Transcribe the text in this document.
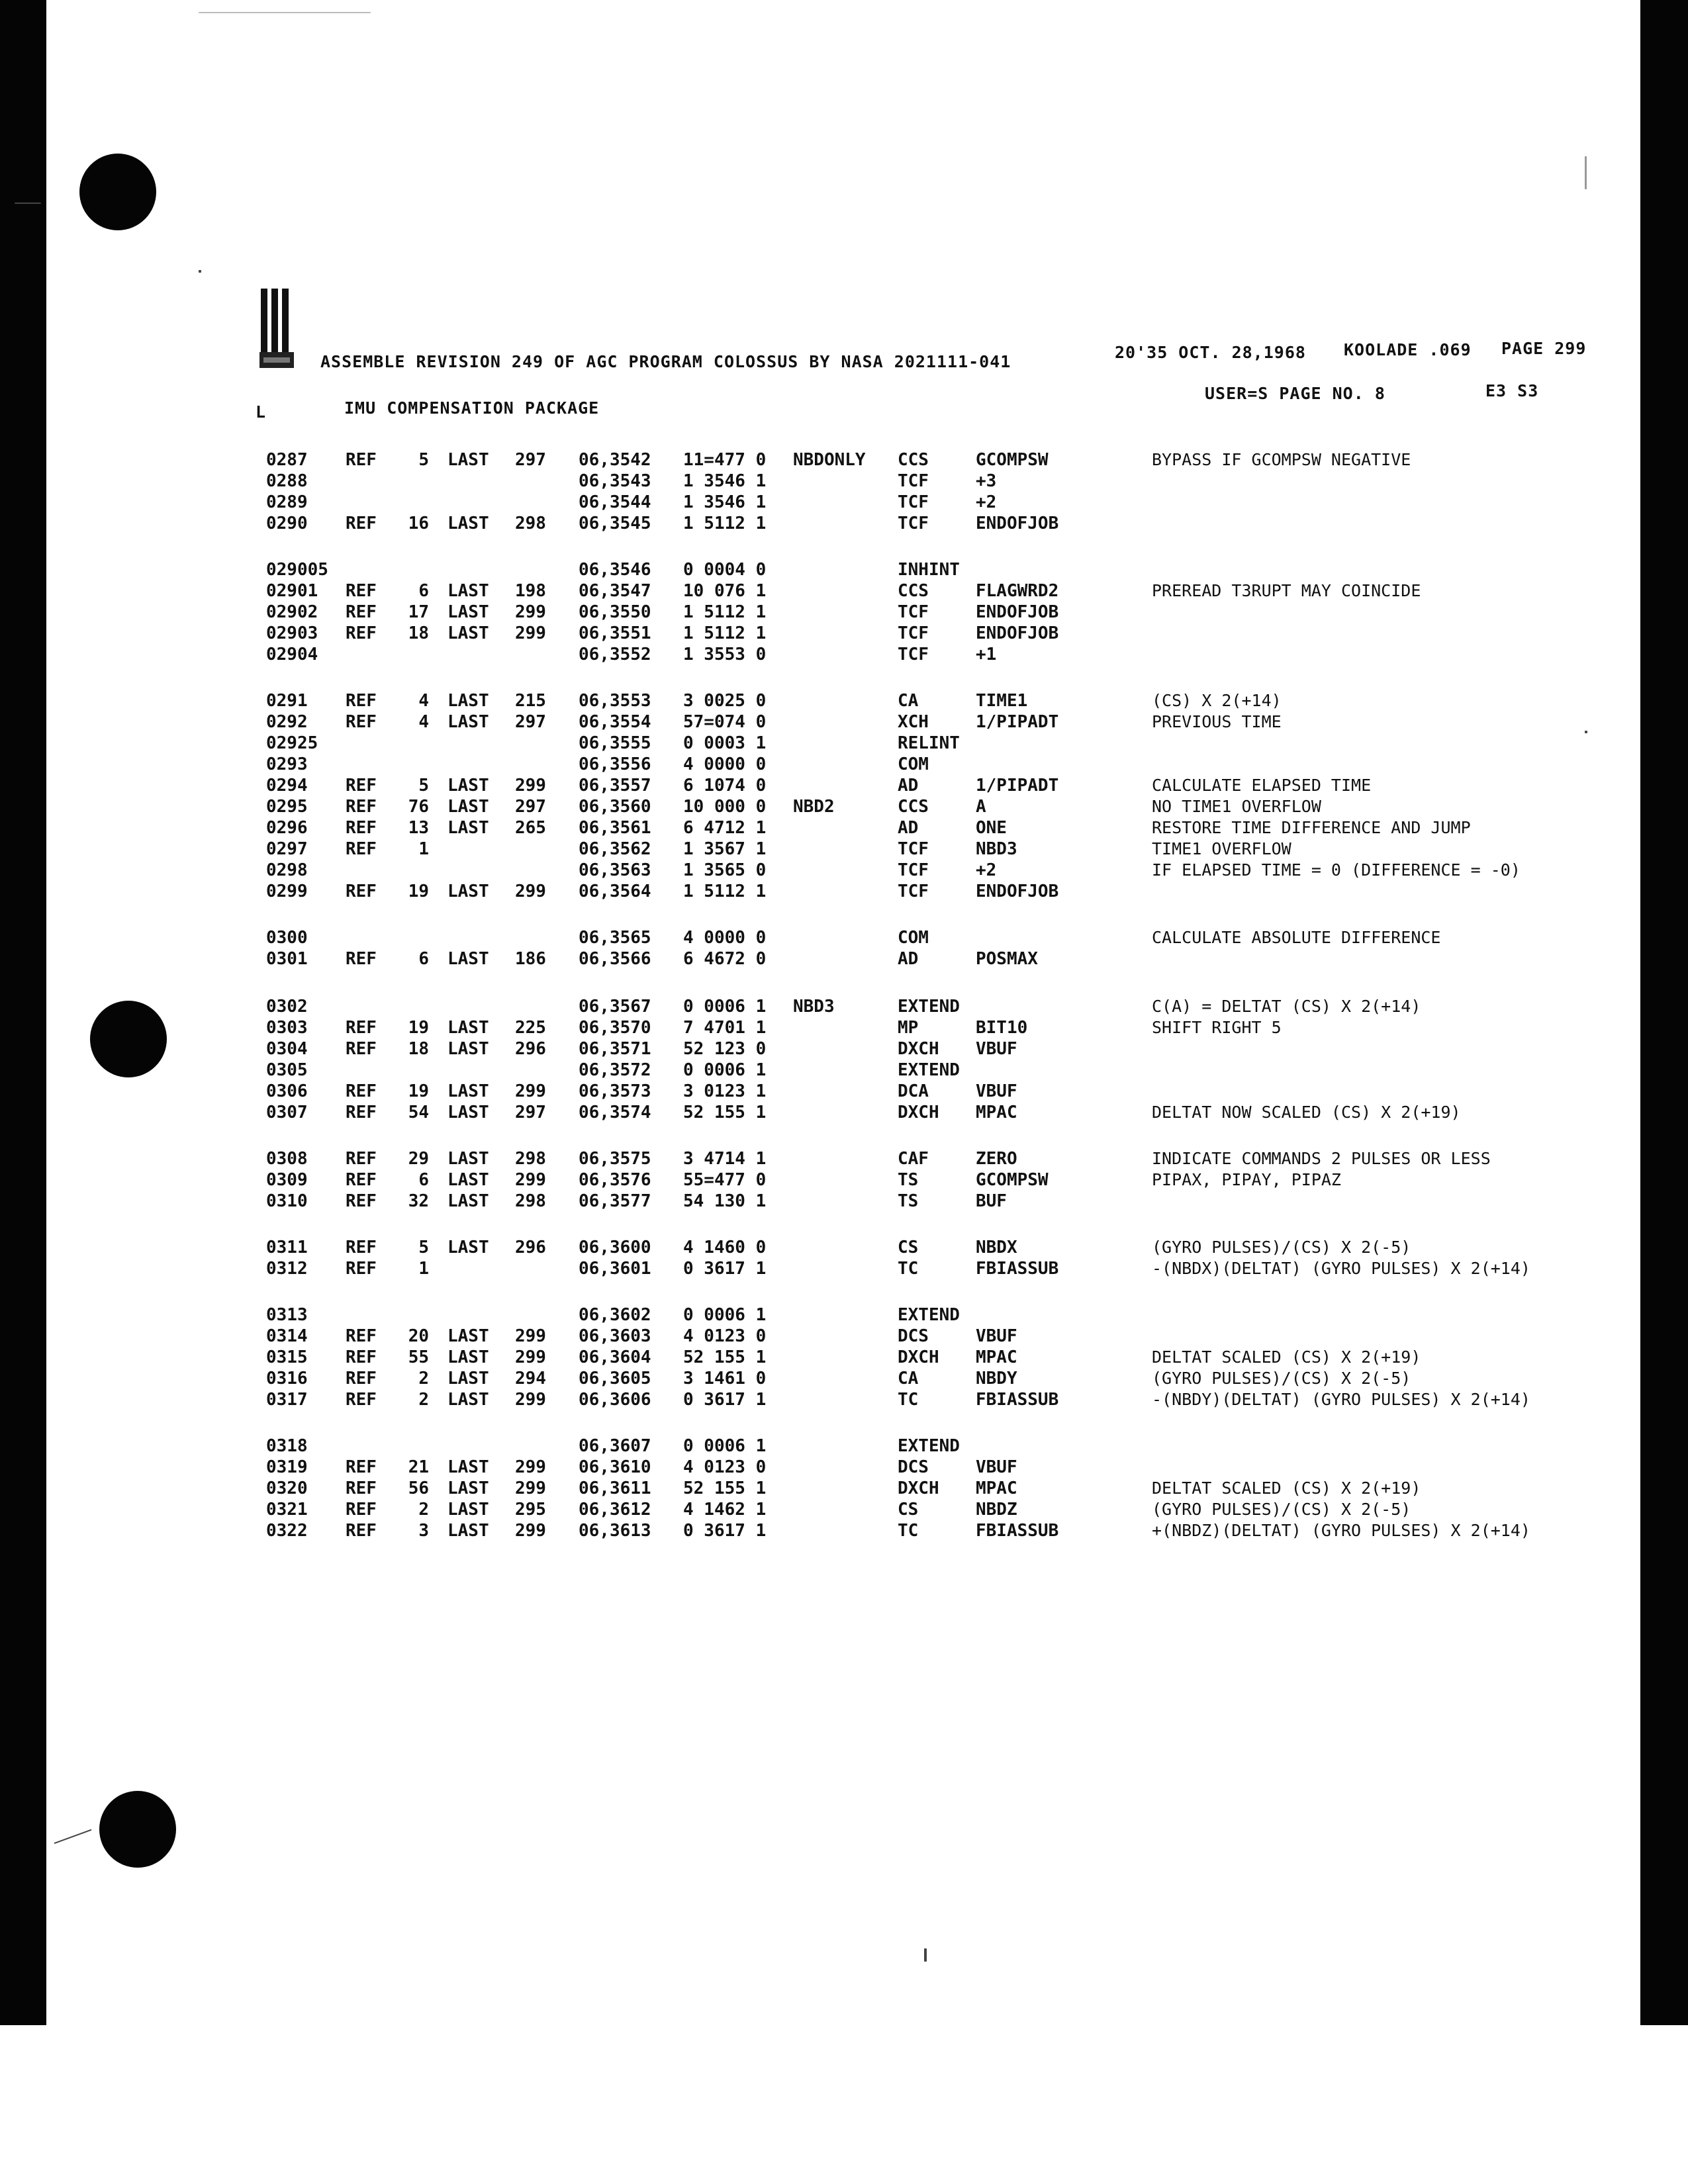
ASSEMBLE REVISION 249 OF AGC PROGRAM COLOSSUS BY NASA 2021111-041	20'35 OCT. 28,1968 KOOLADE .069 PAGE 299
USER=S PAGE NO. 8	E3 S3
L	IMU COMPENSATION PACKAGE
0287 REF	5 LAST 297 06,3542 11=477 0 NBDONLY CCS	GCOMPSW	BYPASS IF GCOMPSW NEGATIVE
0288	06,3543 1 3546 1	TCF	+3
0289	06,3544 1 3546 1	TCF	+2
0290 REF	16 LAST 298 06,3545 1 5112 1	TCF	ENDOFJOB
029005	06,3546 0 0004 0	INHINT
02901 REF	6 LAST 198 06,3547 10 076 1	CCS	FLAGWRD2	PREREAD T3RUPT MAY COINCIDE
02902 REF	17 LAST 299 06,3550 1 5112 1	TCF	ENDOFJOB
02903 REF	18 LAST 299 06,3551 1 5112 1	TCF	ENDOFJOB
02904	06,3552 1 3553 0	TCF	+1
0291 REF	4 LAST 215 06,3553 3 0025 0	CA	TIME1	(CS) X 2(+14)
0292 REF	4 LAST 297 06,3554 57=074 0	XCH	1/PIPADT	PREVIOUS TIME
02925	06,3555 0 0003 1	RELINT
0293	06,3556 4 0000 0	COM
0294 REF	5 LAST 299 06,3557 6 1074 0	AD	1/PIPADT	CALCULATE ELAPSED TIME
0295 REF	76 LAST 297 06,3560 10 000 0 NBD2	CCS	A	NO TIME1 OVERFLOW
0296 REF	13 LAST 265 06,3561 6 4712 1	AD	ONE	RESTORE TIME DIFFERENCE AND JUMP
0297 REF	1	06,3562 1 3567 1	TCF	NBD3	TIME1 OVERFLOW
0298	06,3563 1 3565 0	TCF	+2	IF ELAPSED TIME = 0 (DIFFERENCE = -0)
0299 REF	19 LAST 299 06,3564 1 5112 1	TCF	ENDOFJOB
0300	06,3565 4 0000 0	COM	CALCULATE ABSOLUTE DIFFERENCE
0301 REF	6 LAST 186 06,3566 6 4672 0	AD	POSMAX
0302	06,3567 0 0006 1 NBD3	EXTEND	C(A) = DELTAT (CS) X 2(+14)
0303 REF	19 LAST 225 06,3570 7 4701 1	MP	BIT10	SHIFT RIGHT 5
0304 REF	18 LAST 296 06,3571 52 123 0	DXCH VBUF
0305	06,3572 0 0006 1	EXTEND
0306 REF	19 LAST 299 06,3573 3 0123 1	DCA	VBUF
0307 REF	54 LAST 297 06,3574 52 155 1	DXCH MPAC	DELTAT NOW SCALED (CS) X 2(+19)
0308 REF	29 LAST 298 06,3575 3 4714 1	CAF	ZERO	INDICATE COMMANDS 2 PULSES OR LESS
0309 REF	6 LAST 299 06,3576 55=477 0	TS	GCOMPSW	PIPAX, PIPAY, PIPAZ
0310 REF	32 LAST 298 06,3577 54 130 1	TS	BUF
0311 REF	5 LAST 296 06,3600 4 1460 0	CS	NBDX	(GYRO PULSES)/(CS) X 2(-5)
0312 REF	1	06,3601 0 3617 1	TC	FBIASSUB	-(NBDX)(DELTAT) (GYRO PULSES) X 2(+14)
0313	06,3602 0 0006 1	EXTEND
0314 REF	20 LAST 299 06,3603 4 0123 0	DCS	VBUF
0315 REF	55 LAST 299 06,3604 52 155 1	DXCH MPAC	DELTAT SCALED (CS) X 2(+19)
0316 REF	2 LAST 294 06,3605 3 1461 0	CA	NBDY	(GYRO PULSES)/(CS) X 2(-5)
0317 REF	2 LAST 299 06,3606 0 3617 1	TC	FBIASSUB	-(NBDY)(DELTAT) (GYRO PULSES) X 2(+14)
0318	06,3607 0 0006 1	EXTEND
0319 REF	21 LAST 299 06,3610 4 0123 0	DCS	VBUF
0320 REF	56 LAST 299 06,3611 52 155 1	DXCH MPAC	DELTAT SCALED (CS) X 2(+19)
0321 REF	2 LAST 295 06,3612 4 1462 1	CS	NBDZ	(GYRO PULSES)/(CS) X 2(-5)
0322 REF	3 LAST 299 06,3613 0 3617 1	TC	FBIASSUB	+(NBDZ)(DELTAT) (GYRO PULSES) X 2(+14)
